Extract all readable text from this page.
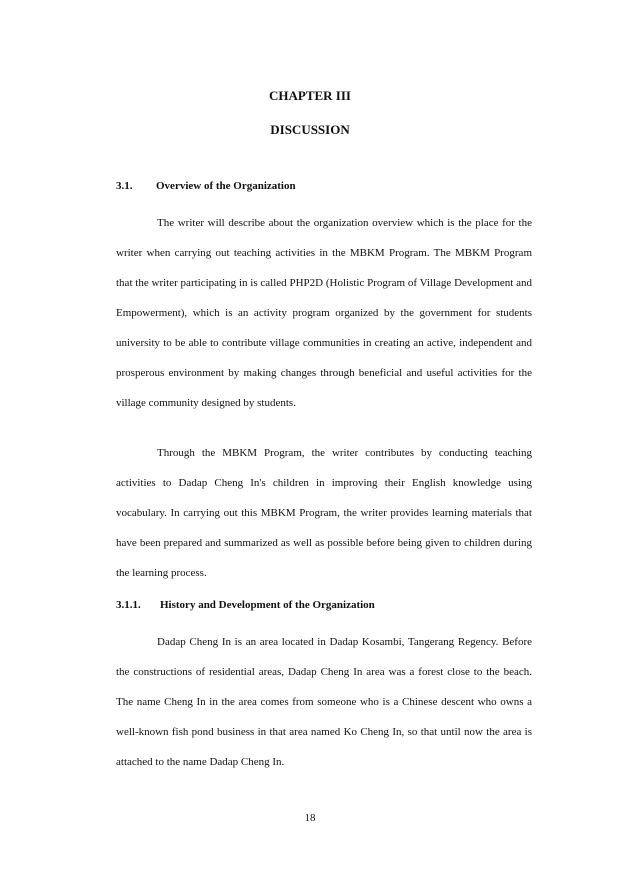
CHAPTER III
DISCUSSION
3.1. Overview of the Organization

The writer will describe about the organization overview which is the place for the writer when carrying out teaching activities in the MBKM Program. The MBKM Program that the writer participating in is called PHP2D (Holistic Program of Village Development and Empowerment), which is an activity program organized by the government for students university to be able to contribute village communities in creating an active, independent and prosperous environment by making changes through beneficial and useful activities for the village community designed by students.

Through the MBKM Program, the writer contributes by conducting teaching activities to Dadap Cheng In's children in improving their English knowledge using vocabulary. In carrying out this MBKM Program, the writer provides learning materials that have been prepared and summarized as well as possible before being given to children during the learning process.

3.1.1. History and Development of the Organization

Dadap Cheng In is an area located in Dadap Kosambi, Tangerang Regency. Before the constructions of residential areas, Dadap Cheng In area was a forest close to the beach. The name Cheng In in the area comes from someone who is a Chinese descent who owns a well-known fish pond business in that area named Ko Cheng In, so that until now the area is attached to the name Dadap Cheng In.

18
